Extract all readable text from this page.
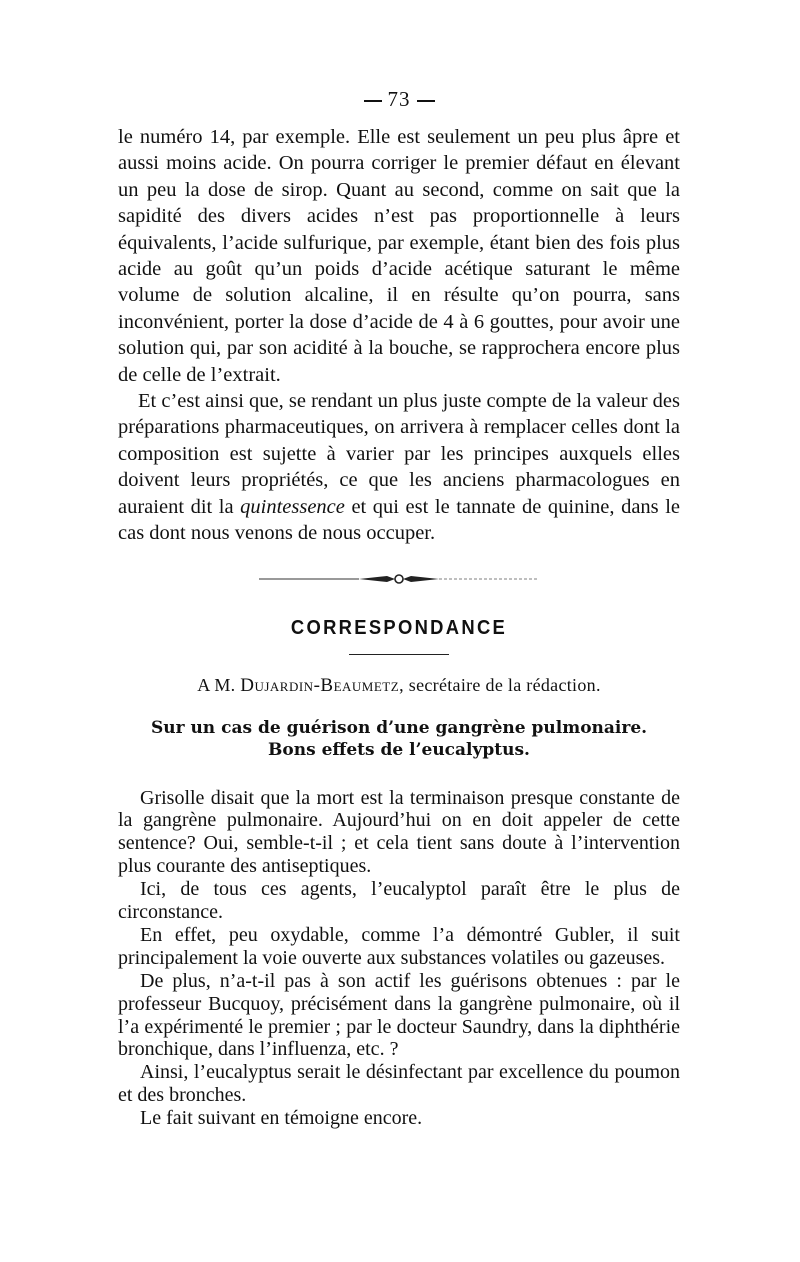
73

le numéro 14, par exemple. Elle est seulement un peu plus âpre et aussi moins acide. On pourra corriger le premier défaut en élevant un peu la dose de sirop. Quant au second, comme on sait que la sapidité des divers acides n’est pas proportionnelle à leurs équivalents, l’acide sulfurique, par exemple, étant bien des fois plus acide au goût qu’un poids d’acide acétique saturant le même volume de solution alcaline, il en résulte qu’on pourra, sans inconvénient, porter la dose d’acide de 4 à 6 gouttes, pour avoir une solution qui, par son acidité à la bouche, se rapprochera encore plus de celle de l’extrait.

Et c’est ainsi que, se rendant un plus juste compte de la valeur des préparations pharmaceutiques, on arrivera à remplacer celles dont la composition est sujette à varier par les principes auxquels elles doivent leurs propriétés, ce que les anciens pharmacologues en auraient dit la quintessence et qui est le tannate de quinine, dans le cas dont nous venons de nous occuper.

CORRESPONDANCE

A M. Dujardin-Beaumetz, secrétaire de la rédaction.

Sur un cas de guérison d’une gangrène pulmonaire.
Bons effets de l’eucalyptus.

Grisolle disait que la mort est la terminaison presque constante de la gangrène pulmonaire. Aujourd’hui on en doit appeler de cette sentence? Oui, semble-t-il ; et cela tient sans doute à l’intervention plus courante des antiseptiques.

Ici, de tous ces agents, l’eucalyptol paraît être le plus de circonstance.

En effet, peu oxydable, comme l’a démontré Gubler, il suit principalement la voie ouverte aux substances volatiles ou gazeuses.

De plus, n’a-t-il pas à son actif les guérisons obtenues : par le professeur Bucquoy, précisément dans la gangrène pulmonaire, où il l’a expérimenté le premier ; par le docteur Saundry, dans la diphthérie bronchique, dans l’influenza, etc. ?

Ainsi, l’eucalyptus serait le désinfectant par excellence du poumon et des bronches.

Le fait suivant en témoigne encore.
